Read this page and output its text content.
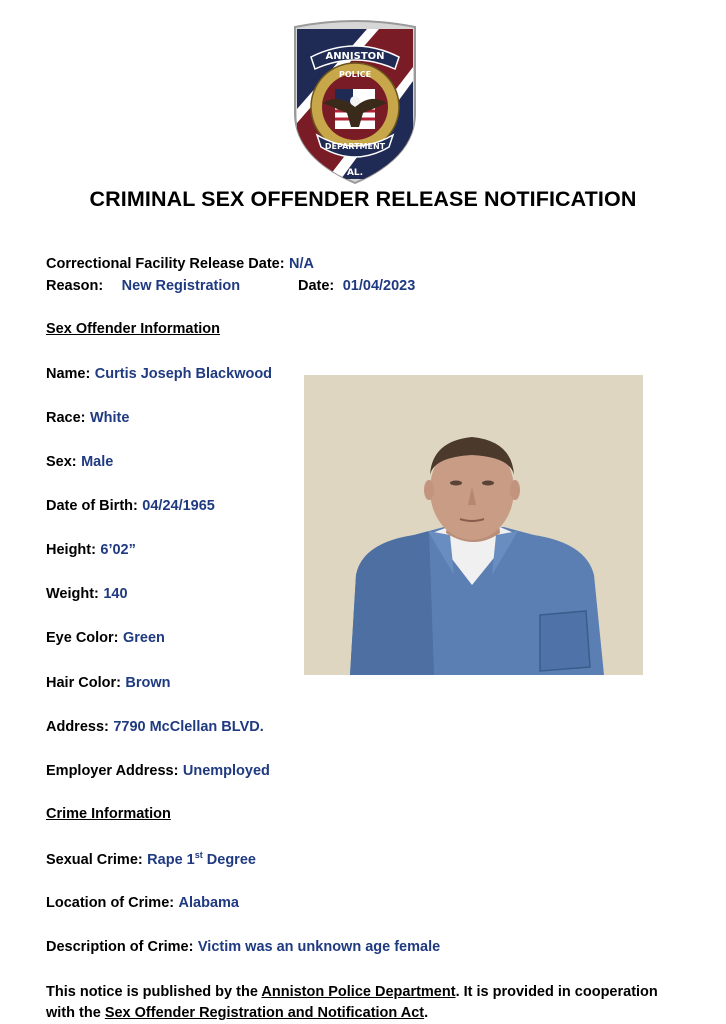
ANNISTON
POLICE
DEPARTMENT
AL.
CRIMINAL SEX OFFENDER RELEASE NOTIFICATION
Correctional Facility Release Date: N/A
Reason: New Registration	Date: 01/04/2023
Sex Offender Information
Name: Curtis Joseph Blackwood
Race: White
Sex: Male
Date of Birth: 04/24/1965
Height: 6’02”
Weight: 140
Eye Color: Green
Hair Color: Brown
Address: 7790 McClellan BLVD.
Employer Address: Unemployed
Crime Information
Sexual Crime: Rape 1st Degree
Location of Crime: Alabama
Description of Crime: Victim was an unknown age female
This notice is published by the Anniston Police Department. It is provided in cooperation with the Sex Offender Registration and Notification Act.
